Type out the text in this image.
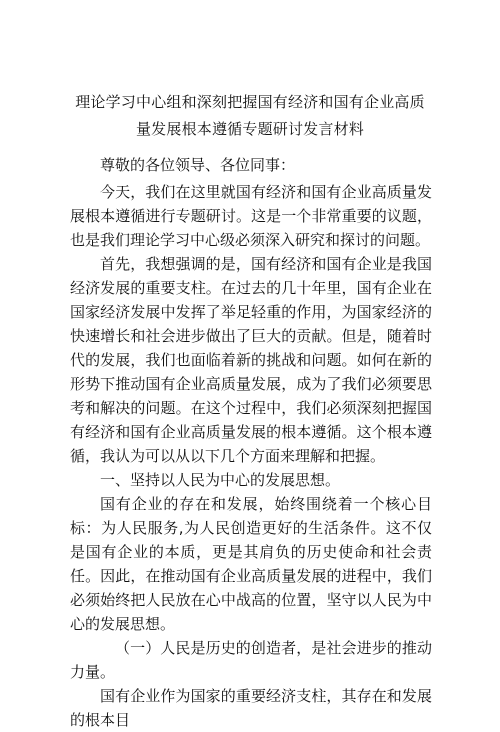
理论学习中心组和深刻把握国有经济和国有企业高质
量发展根本遵循专题研讨发言材料

尊敬的各位领导、各位同事：

今天，我们在这里就国有经济和国有企业高质量发展根本遵循进行专题研讨。这是一个非常重要的议题，也是我们理论学习中心级必须深入研究和探讨的问题。

首先，我想强调的是，国有经济和国有企业是我国经济发展的重要支柱。在过去的几十年里，国有企业在国家经济发展中发挥了举足轻重的作用，为国家经济的快速增长和社会进步做出了巨大的贡献。但是，随着时代的发展，我们也面临着新的挑战和问题。如何在新的形势下推动国有企业高质量发展，成为了我们必须要思考和解决的问题。在这个过程中，我们必须深刻把握国有经济和国有企业高质量发展的根本遵循。这个根本遵循，我认为可以从以下几个方面来理解和把握。

一、坚持以人民为中心的发展思想。

国有企业的存在和发展，始终围绕着一个核心目标：为人民服务,为人民创造更好的生活条件。这不仅是国有企业的本质，更是其肩负的历史使命和社会责任。因此，在推动国有企业高质量发展的进程中，我们必须始终把人民放在心中战高的位置，坚守以人民为中心的发展思想。

（一）人民是历史的创造者，是社会进步的推动力量。

国有企业作为国家的重要经济支柱，其存在和发展的根本目
